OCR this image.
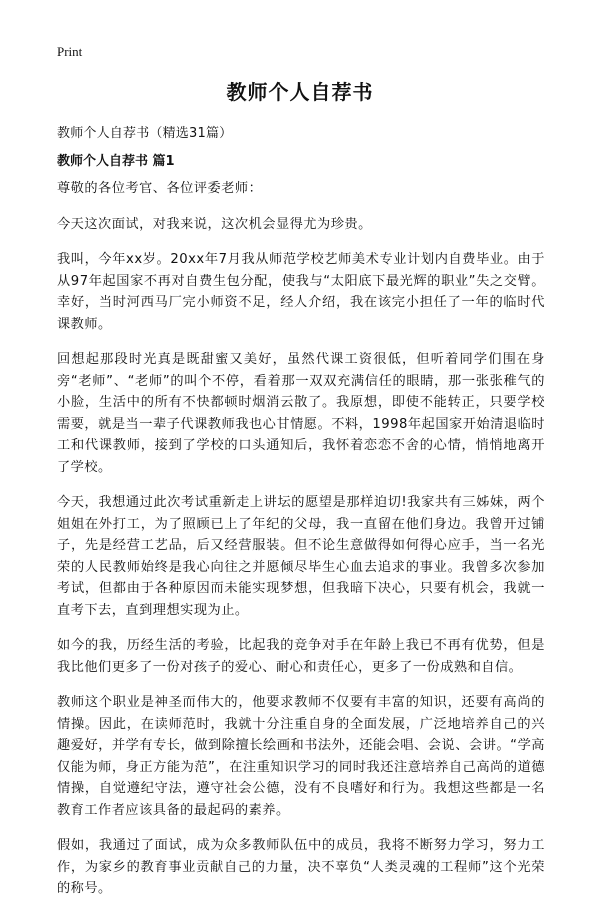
Print
教师个人自荐书
教师个人自荐书（精选31篇）
教师个人自荐书 篇1

尊敬的各位考官、各位评委老师：

今天这次面试，对我来说，这次机会显得尤为珍贵。

我叫，今年xx岁。20xx年7月我从师范学校艺师美术专业计划内自费毕业。由于从97年起国家不再对自费生包分配，使我与“太阳底下最光辉的职业”失之交臂。幸好，当时河西马厂完小师资不足，经人介绍，我在该完小担任了一年的临时代课教师。

回想起那段时光真是既甜蜜又美好，虽然代课工资很低，但听着同学们围在身旁“老师”、“老师”的叫个不停，看着那一双双充满信任的眼睛，那一张张稚气的小脸，生活中的所有不快都顿时烟消云散了。我原想，即使不能转正，只要学校需要，就是当一辈子代课教师我也心甘情愿。不料，1998年起国家开始清退临时工和代课教师，接到了学校的口头通知后，我怀着恋恋不舍的心情，悄悄地离开了学校。

今天，我想通过此次考试重新走上讲坛的愿望是那样迫切!我家共有三姊妹，两个姐姐在外打工，为了照顾已上了年纪的父母，我一直留在他们身边。我曾开过铺子，先是经营工艺品，后又经营服装。但不论生意做得如何得心应手，当一名光荣的人民教师始终是我心向往之并愿倾尽毕生心血去追求的事业。我曾多次参加考试，但都由于各种原因而未能实现梦想，但我暗下决心，只要有机会，我就一直考下去，直到理想实现为止。

如今的我，历经生活的考验，比起我的竞争对手在年龄上我已不再有优势，但是我比他们更多了一份对孩子的爱心、耐心和责任心，更多了一份成熟和自信。

教师这个职业是神圣而伟大的，他要求教师不仅要有丰富的知识，还要有高尚的情操。因此，在读师范时，我就十分注重自身的全面发展，广泛地培养自己的兴趣爱好，并学有专长，做到除擅长绘画和书法外，还能会唱、会说、会讲。“学高仅能为师，身正方能为范”，在注重知识学习的同时我还注意培养自己高尚的道德情操，自觉遵纪守法，遵守社会公德，没有不良嗜好和行为。我想这些都是一名教育工作者应该具备的最起码的素养。

假如，我通过了面试，成为众多教师队伍中的成员，我将不断努力学习，努力工作，为家乡的教育事业贡献自己的力量，决不辜负“人类灵魂的工程师”这个光荣的称号。
